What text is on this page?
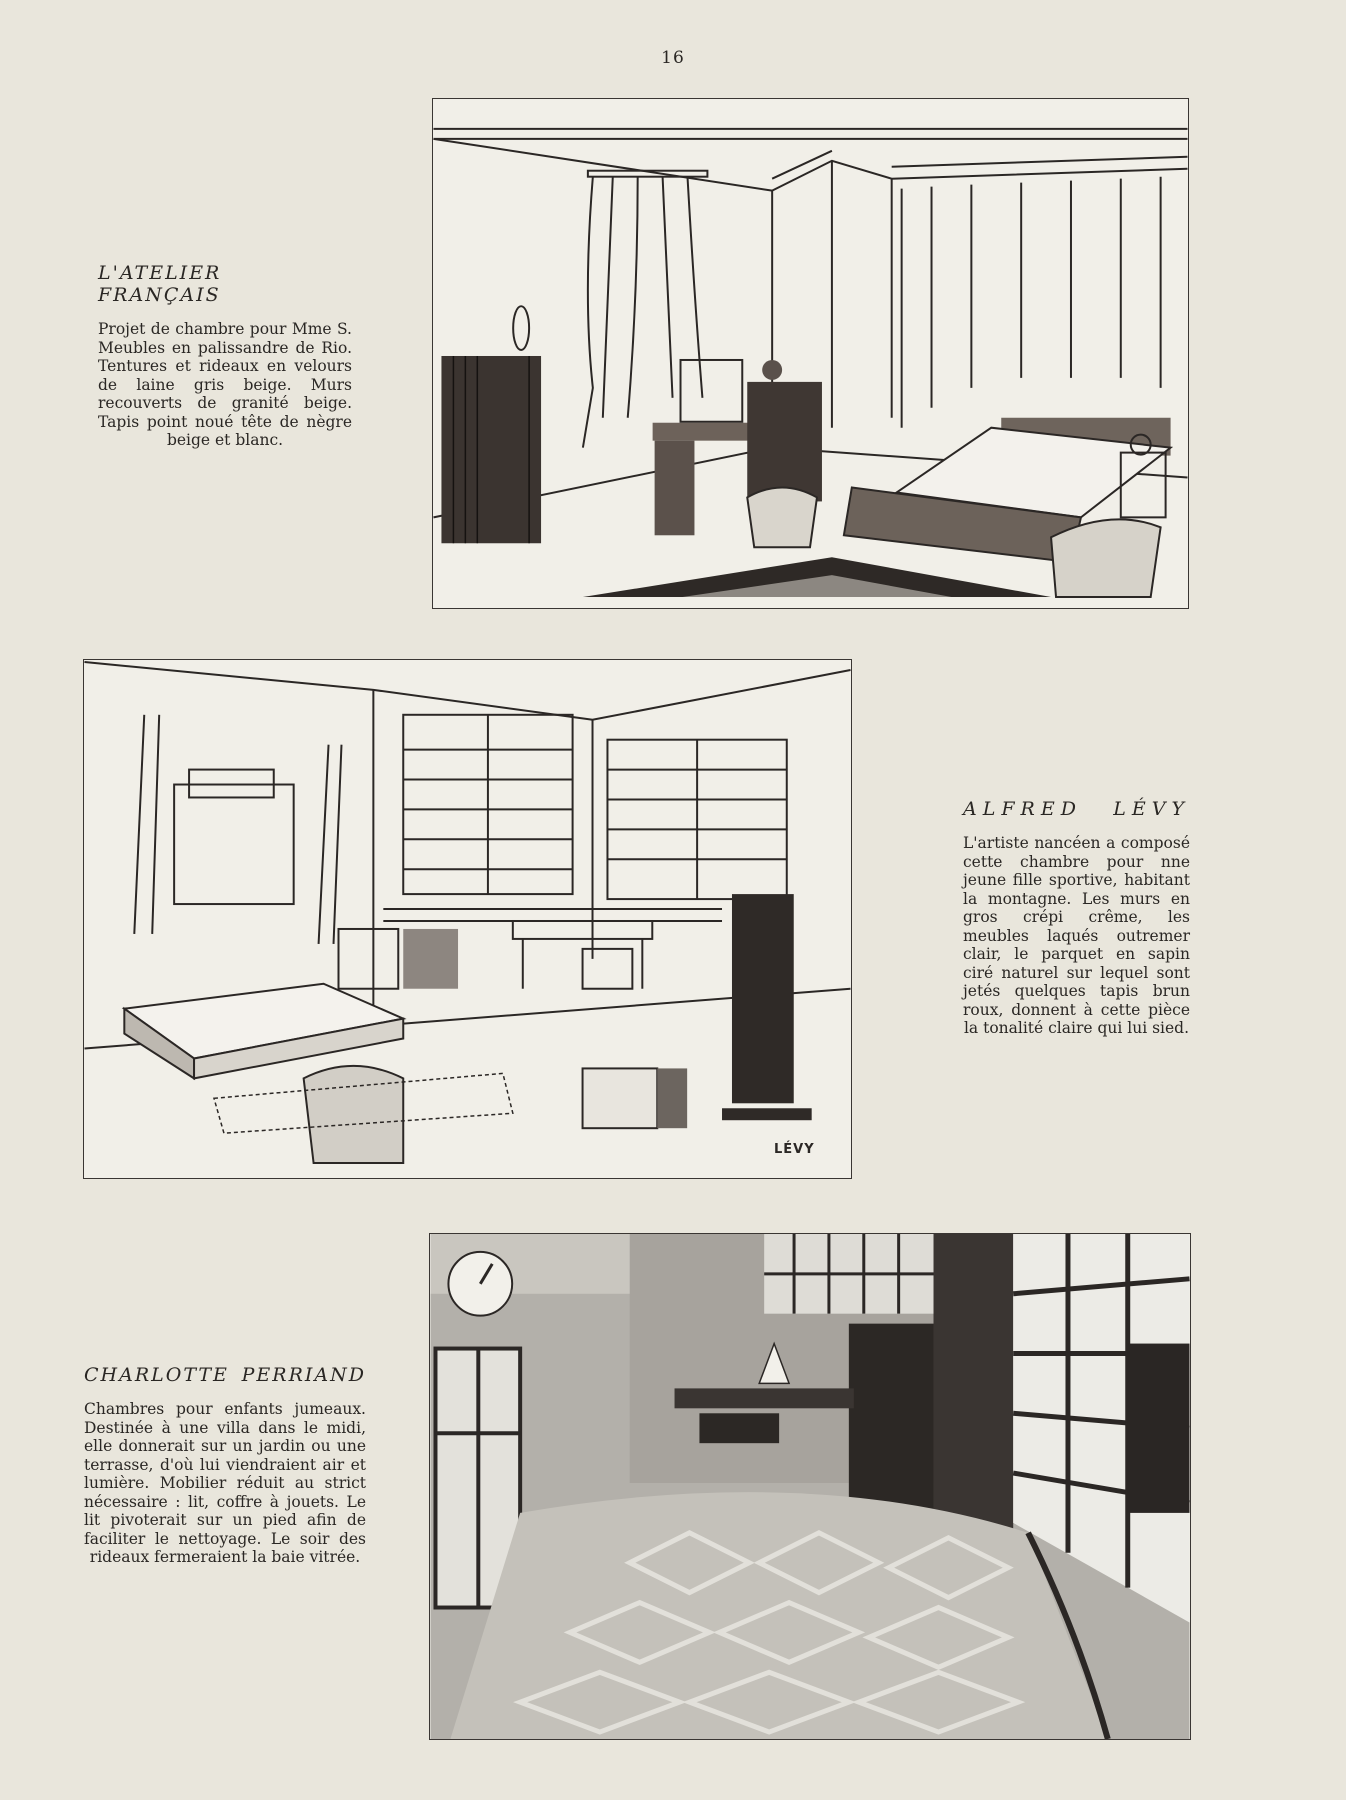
16
L'ATELIER FRANÇAIS

Projet de chambre pour Mme S. Meubles en palissandre de Rio. Tentures et rideaux en velours de laine gris beige. Murs recouverts de granité beige. Tapis point noué tête de nègre beige et blanc.

LÉVY
ALFRED LÉVY

L'artiste nancéen a composé cette chambre pour nne jeune fille sportive, habitant la montagne. Les murs en gros crépi crême, les meubles laqués outremer clair, le parquet en sapin ciré naturel sur lequel sont jetés quelques tapis brun roux, donnent à cette pièce la tonalité claire qui lui sied.

CHARLOTTE PERRIAND

Chambres pour enfants jumeaux. Destinée à une villa dans le midi, elle donnerait sur un jardin ou une terrasse, d'où lui viendraient air et lumière. Mobilier réduit au strict nécessaire : lit, coffre à jouets. Le lit pivoterait sur un pied afin de faciliter le nettoyage. Le soir des rideaux fermeraient la baie vitrée.
